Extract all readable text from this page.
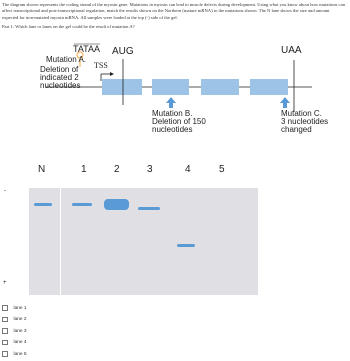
The diagram shown represents the coding strand of the myosin gene. Mutations in myosin can lead to muscle defects during development. Using what you know about how mutations can affect transcriptional and post-transcriptional regulation, match the results shown on the Northern (mature mRNA) to the mutations shown. The N lane shows the size and amount expected for non-mutated myosin mRNA. All samples were loaded at the top (-) side of the gel.
Part 1: Which lane or lanes on the gel could be the result of mutation A?
TATAA AUG
TSS
UAA
Mutation A. Deletion of indicated 2 nucleotides
Mutation B. Deletion of 150 nucleotides
Mutation C. 3 nucleotides changed
N	1	2	3	4	5
-
+
lane 1
lane 2
lane 3
lane 4
lane 5
